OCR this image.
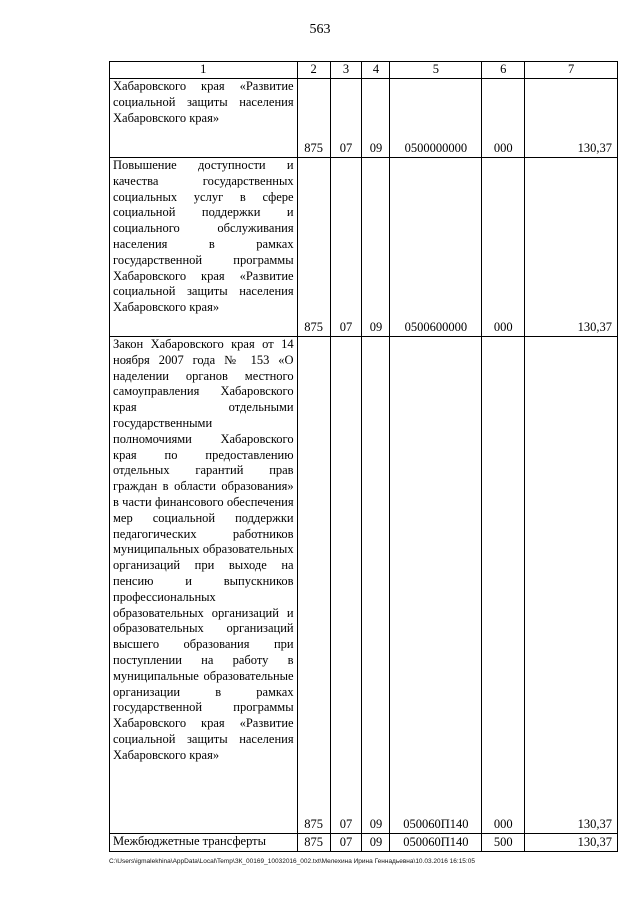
563
1	2	3	4	5	6	7
Хабаровского края «Развитие социальной защиты населения Хабаровского края»	875	07	09	0500000000	000	130,37
Повышение доступности и качества государственных социальных услуг в сфере социальной поддержки и социального обслуживания населения в рамках государственной программы Хабаровского края «Развитие социальной защиты населения Хабаровского края»	875	07	09	0500600000	000	130,37
Закон Хабаровского края от 14 ноября 2007 года № 153 «О наделении органов местного самоуправления Хабаровского края отдельными государственными полномочиями Хабаровского края по предоставлению отдельных гарантий прав граждан в области образования» в части финансового обеспечения мер социальной поддержки педагогических работников муниципальных образовательных организаций при выходе на пенсию и выпускников профессиональных образовательных организаций и образовательных организаций высшего образования при поступлении на работу в муниципальные образовательные организации в рамках государственной программы Хабаровского края «Развитие социальной защиты населения Хабаровского края»	875	07	09	050060П140	000	130,37
Межбюджетные трансферты	875	07	09	050060П140	500	130,37
C:\Users\igmalekhina\AppData\Local\Temp\ЗК_00169_10032016_002.txt\Мелехина Ирина Геннадьевна\10.03.2016 16:15:05
